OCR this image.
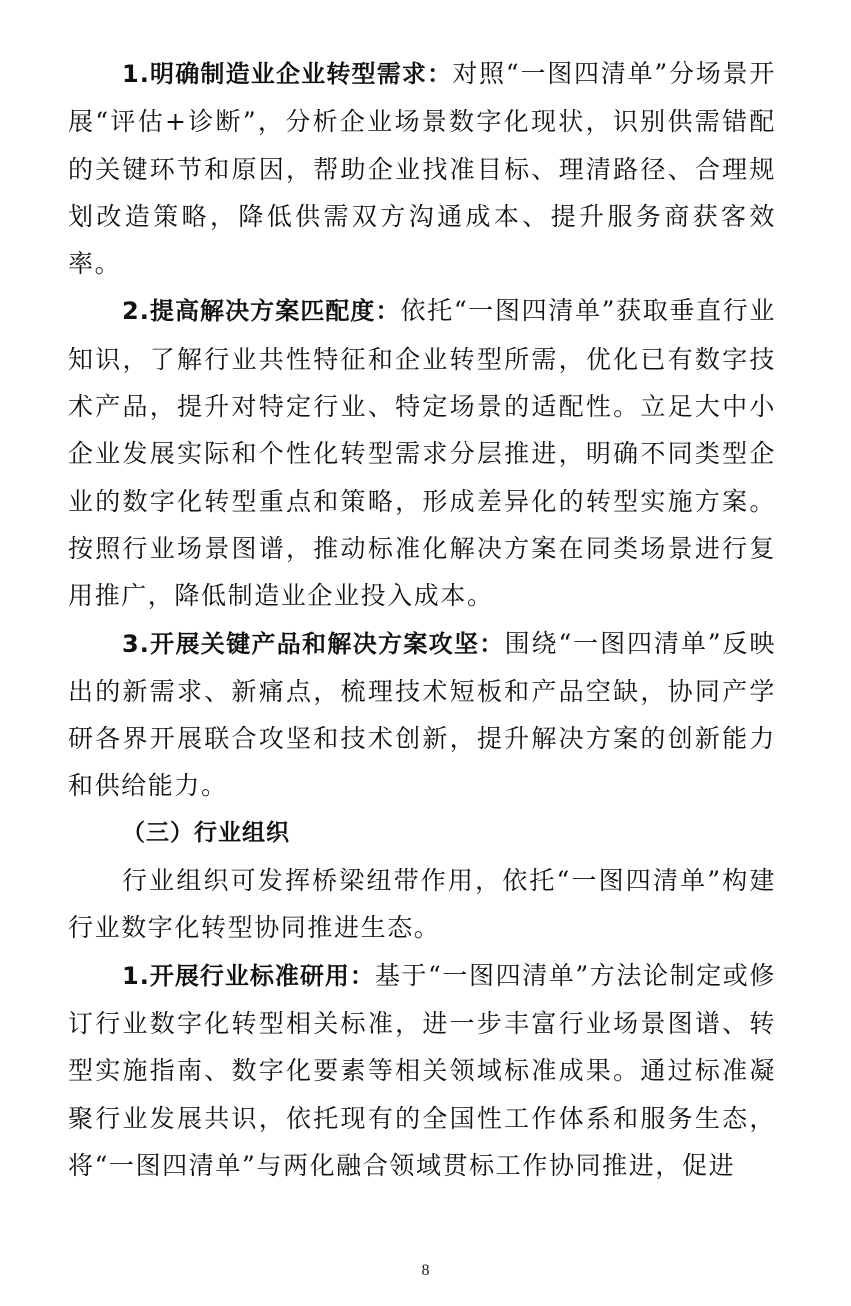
1.明确制造业企业转型需求：对照“一图四清单”分场景开展“评估+诊断”，分析企业场景数字化现状，识别供需错配的关键环节和原因，帮助企业找准目标、理清路径、合理规划改造策略，降低供需双方沟通成本、提升服务商获客效率。

2.提高解决方案匹配度：依托“一图四清单”获取垂直行业知识，了解行业共性特征和企业转型所需，优化已有数字技术产品，提升对特定行业、特定场景的适配性。立足大中小企业发展实际和个性化转型需求分层推进，明确不同类型企业的数字化转型重点和策略，形成差异化的转型实施方案。按照行业场景图谱，推动标准化解决方案在同类场景进行复用推广，降低制造业企业投入成本。

3.开展关键产品和解决方案攻坚：围绕“一图四清单”反映出的新需求、新痛点，梳理技术短板和产品空缺，协同产学研各界开展联合攻坚和技术创新，提升解决方案的创新能力和供给能力。

（三）行业组织

行业组织可发挥桥梁纽带作用，依托“一图四清单”构建行业数字化转型协同推进生态。

1.开展行业标准研用：基于“一图四清单”方法论制定或修订行业数字化转型相关标准，进一步丰富行业场景图谱、转型实施指南、数字化要素等相关领域标准成果。通过标准凝聚行业发展共识，依托现有的全国性工作体系和服务生态，将“一图四清单”与两化融合领域贯标工作协同推进，促进

8
